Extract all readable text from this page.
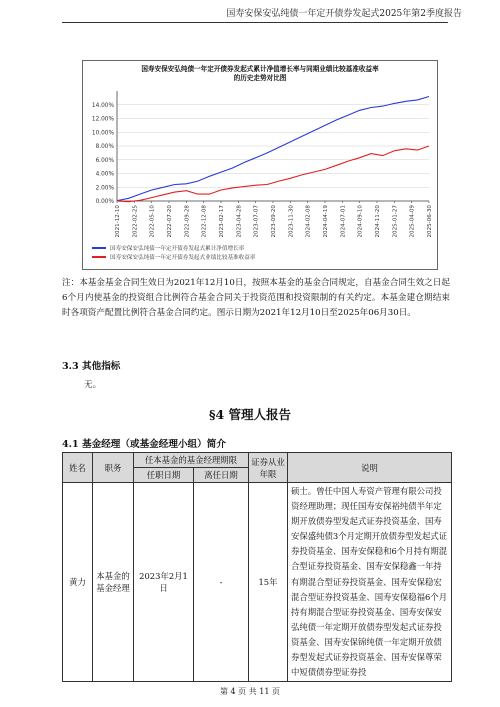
国寿安保安弘纯债一年定开债券发起式2025年第2季度报告
国寿安保安弘纯债一年定开债券发起式累计净值增长率与同期业绩比较基准收益率
的历史走势对比图
0.00%
2.00%
4.00%
6.00%
8.00%
10.00%
12.00%
14.00%
2021-12-10 2022-02-25 2022-05-10 2022-07-20 2022-09-28 2022-12-08 2023-02-17 2023-04-28 2023-07-07 2023-09-20 2023-11-30 2024-02-08 2024-04-19 2024-07-01 2024-09-10 2024-11-20 2025-01-27 2025-04-09 2025-06-30
国寿安保安弘纯债一年定开债券发起式累计净值增长率
国寿安保安弘纯债一年定开债券发起式业绩比较基准收益率
注：本基金基金合同生效日为2021年12月10日，按照本基金的基金合同规定，自基金合同生效之日起6个月内使基金的投资组合比例符合基金合同关于投资范围和投资限制的有关约定。本基金建仓期结束时各项资产配置比例符合基金合同约定。图示日期为2021年12月10日至2025年06月30日。
3.3 其他指标
无。
§4 管理人报告
4.1 基金经理（或基金经理小组）简介
姓名	职务	任本基金的基金经理期限		证券从业年限	说明
		任职日期	离任日期		
黄力	本基金的基金经理	2023年2月1日	-	15年	硕士。曾任中国人寿资产管理有限公司投资经理助理；现任国寿安保裕纯债半年定期开放债券型发起式证券投资基金、国寿安保盛纯债3个月定期开放债券型发起式证券投资基金、国寿安保稳和6个月持有期混合型证券投资基金、国寿安保稳鑫一年持有期混合型证券投资基金、国寿安保稳宏混合型证券投资基金、国寿安保稳福6个月持有期混合型证券投资基金、国寿安保安弘纯债一年定期开放债券型发起式证券投资基金、国寿安保锦纯债一年定期开放债券型发起式证券投资基金、国寿安保尊荣中短债债券型证券投
第 4 页 共 11 页
